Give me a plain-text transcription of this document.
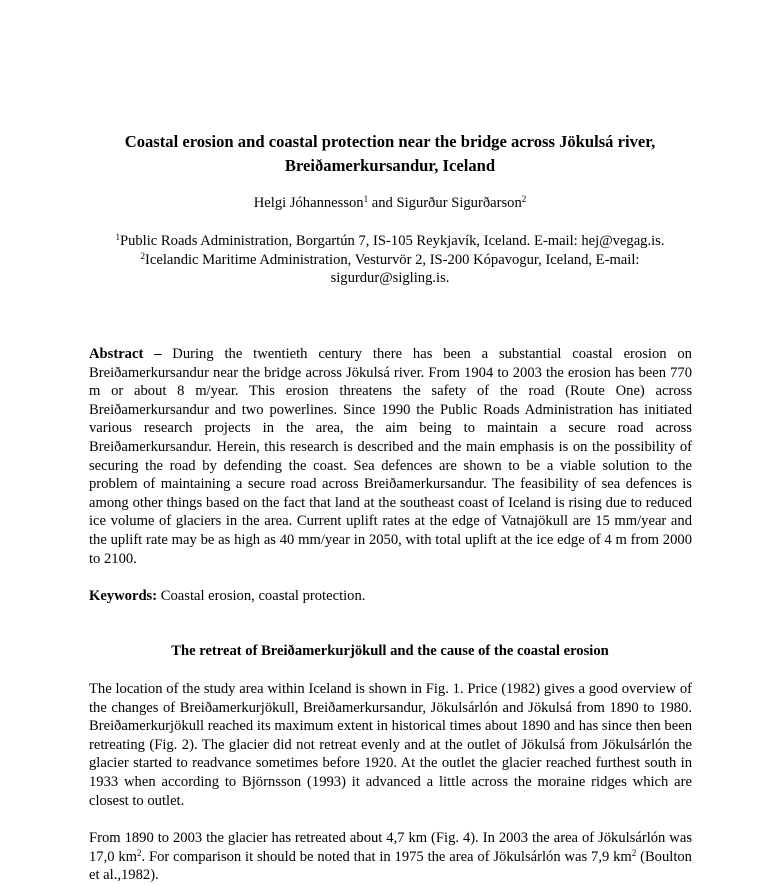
Coastal erosion and coastal protection near the bridge across Jökulsá river,
Breiðamerkursandur, Iceland
Helgi Jóhannesson$^1$ and Sigurður Sigurðarson$^2$
$^1$Public Roads Administration, Borgartún 7, IS-105 Reykjavík, Iceland. E-mail: hej@vegag.is.
$^2$Icelandic Maritime Administration, Vesturvör 2, IS-200 Kópavogur, Iceland, E-mail: sigurdur@sigling.is.
Abstract – During the twentieth century there has been a substantial coastal erosion on Breiðamerkursandur near the bridge across Jökulsá river. From 1904 to 2003 the erosion has been 770 m or about 8 m/year. This erosion threatens the safety of the road (Route One) across Breiðamerkursandur and two powerlines. Since 1990 the Public Roads Administration has initiated various research projects in the area, the aim being to maintain a secure road across Breiðamerkursandur. Herein, this research is described and the main emphasis is on the possibility of securing the road by defending the coast. Sea defences are shown to be a viable solution to the problem of maintaining a secure road across Breiðamerkursandur. The feasibility of sea defences is among other things based on the fact that land at the southeast coast of Iceland is rising due to reduced ice volume of glaciers in the area. Current uplift rates at the edge of Vatnajökull are 15 mm/year and the uplift rate may be as high as 40 mm/year in 2050, with total uplift at the ice edge of 4 m from 2000 to 2100.
Keywords: Coastal erosion, coastal protection.
The retreat of Breiðamerkurjökull and the cause of the coastal erosion
The location of the study area within Iceland is shown in Fig. 1. Price (1982) gives a good overview of the changes of Breiðamerkurjökull, Breiðamerkursandur, Jökulsárlón and Jökulsá from 1890 to 1980. Breiðamerkurjökull reached its maximum extent in historical times about 1890 and has since then been retreating (Fig. 2). The glacier did not retreat evenly and at the outlet of Jökulsá from Jökulsárlón the glacier started to readvance sometimes before 1920. At the outlet the glacier reached furthest south in 1933 when according to Björnsson (1993) it advanced a little across the moraine ridges which are closest to outlet.
From 1890 to 2003 the glacier has retreated about 4,7 km (Fig. 4). In 2003 the area of Jökulsárlón was 17,0 $km^2$. For comparison it should be noted that in 1975 the area of Jökulsárlón was 7,9 $km^2$ (Boulton et al.,1982).
